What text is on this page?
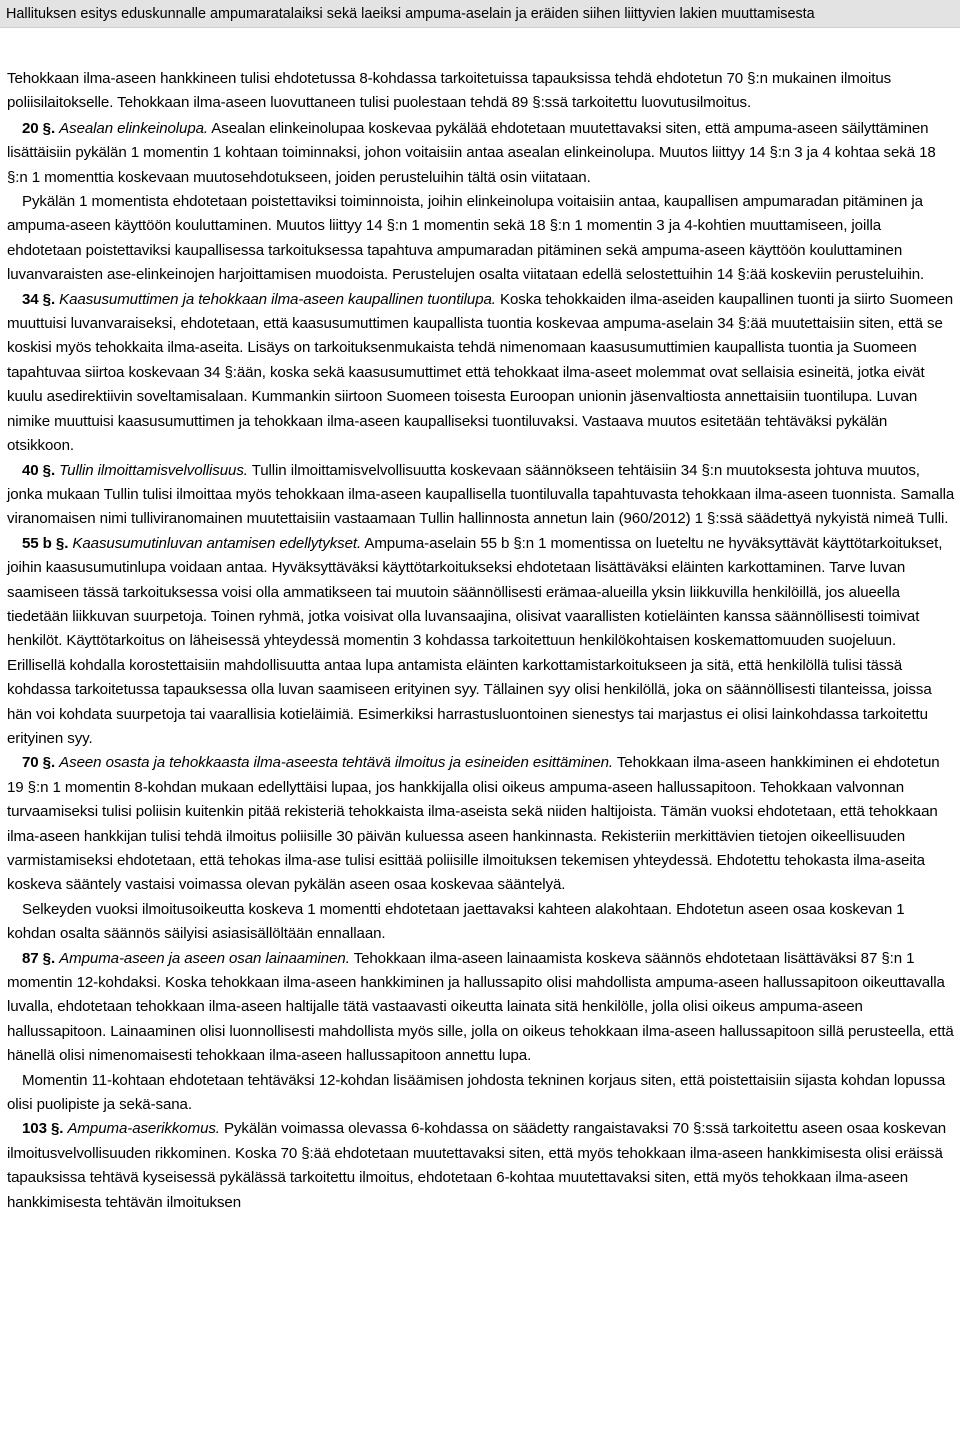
Hallituksen esitys eduskunnalle ampumaratalaiksi sekä laeiksi ampuma-aselain ja eräiden siihen liittyvien lakien muuttamisesta

Tehokkaan ilma-aseen hankkineen tulisi ehdotetussa 8-kohdassa tarkoitetuissa tapauksissa tehdä ehdotetun 70 §:n mukainen ilmoitus poliisilaitokselle. Tehokkaan ilma-aseen luovuttaneen tulisi puolestaan tehdä 89 §:ssä tarkoitettu luovutusilmoitus.

20 §. Asealan elinkeinolupa. Asealan elinkeinolupaa koskevaa pykälää ehdotetaan muutettavaksi siten, että ampuma-aseen säilyttäminen lisättäisiin pykälän 1 momentin 1 kohtaan toiminnaksi, johon voitaisiin antaa asealan elinkeinolupa. Muutos liittyy 14 §:n 3 ja 4 kohtaa sekä 18 §:n 1 momenttia koskevaan muutosehdotukseen, joiden perusteluihin tältä osin viitataan.

Pykälän 1 momentista ehdotetaan poistettaviksi toiminnoista, joihin elinkeinolupa voitaisiin antaa, kaupallisen ampumaradan pitäminen ja ampuma-aseen käyttöön kouluttaminen. Muutos liittyy 14 §:n 1 momentin sekä 18 §:n 1 momentin 3 ja 4-kohtien muuttamiseen, joilla ehdotetaan poistettaviksi kaupallisessa tarkoituksessa tapahtuva ampumaradan pitäminen sekä ampuma-aseen käyttöön kouluttaminen luvanvaraisten ase-elinkeinojen harjoittamisen muodoista. Perustelujen osalta viitataan edellä selostettuihin 14 §:ää koskeviin perusteluihin.

34 §. Kaasusumuttimen ja tehokkaan ilma-aseen kaupallinen tuontilupa. Koska tehokkaiden ilma-aseiden kaupallinen tuonti ja siirto Suomeen muuttuisi luvanvaraiseksi, ehdotetaan, että kaasusumuttimen kaupallista tuontia koskevaa ampuma-aselain 34 §:ää muutettaisiin siten, että se koskisi myös tehokkaita ilma-aseita. Lisäys on tarkoituksenmukaista tehdä nimenomaan kaasusumuttimien kaupallista tuontia ja Suomeen tapahtuvaa siirtoa koskevaan 34 §:ään, koska sekä kaasusumuttimet että tehokkaat ilma-aseet molemmat ovat sellaisia esineitä, jotka eivät kuulu asedirektiivin soveltamisalaan. Kummankin siirtoon Suomeen toisesta Euroopan unionin jäsenvaltiosta annettaisiin tuontilupa. Luvan nimike muuttuisi kaasusumuttimen ja tehokkaan ilma-aseen kaupalliseksi tuontiluvaksi. Vastaava muutos esitetään tehtäväksi pykälän otsikkoon.

40 §. Tullin ilmoittamisvelvollisuus. Tullin ilmoittamisvelvollisuutta koskevaan säännökseen tehtäisiin 34 §:n muutoksesta johtuva muutos, jonka mukaan Tullin tulisi ilmoittaa myös tehokkaan ilma-aseen kaupallisella tuontiluvalla tapahtuvasta tehokkaan ilma-aseen tuonnista. Samalla viranomaisen nimi tulliviranomainen muutettaisiin vastaamaan Tullin hallinnosta annetun lain (960/2012) 1 §:ssä säädettyä nykyistä nimeä Tulli.

55 b §. Kaasusumutinluvan antamisen edellytykset. Ampuma-aselain 55 b §:n 1 momentissa on lueteltu ne hyväksyttävät käyttötarkoitukset, joihin kaasusumutinlupa voidaan antaa. Hyväksyttäväksi käyttötarkoitukseksi ehdotetaan lisättäväksi eläinten karkottaminen. Tarve luvan saamiseen tässä tarkoituksessa voisi olla ammatikseen tai muutoin säännöllisesti erämaa-alueilla yksin liikkuvilla henkilöillä, jos alueella tiedetään liikkuvan suurpetoja. Toinen ryhmä, jotka voisivat olla luvansaajina, olisivat vaarallisten kotieläinten kanssa säännöllisesti toimivat henkilöt. Käyttötarkoitus on läheisessä yhteydessä momentin 3 kohdassa tarkoitettuun henkilökohtaisen koskemattomuuden suojeluun. Erillisellä kohdalla korostettaisiin mahdollisuutta antaa lupa antamista eläinten karkottamistarkoitukseen ja sitä, että henkilöllä tulisi tässä kohdassa tarkoitetussa tapauksessa olla luvan saamiseen erityinen syy. Tällainen syy olisi henkilöllä, joka on säännöllisesti tilanteissa, joissa hän voi kohdata suurpetoja tai vaarallisia kotieläimiä. Esimerkiksi harrastusluontoinen sienestys tai marjastus ei olisi lainkohdassa tarkoitettu erityinen syy.

70 §. Aseen osasta ja tehokkaasta ilma-aseesta tehtävä ilmoitus ja esineiden esittäminen. Tehokkaan ilma-aseen hankkiminen ei ehdotetun 19 §:n 1 momentin 8-kohdan mukaan edellyttäisi lupaa, jos hankkijalla olisi oikeus ampuma-aseen hallussapitoon. Tehokkaan valvonnan turvaamiseksi tulisi poliisin kuitenkin pitää rekisteriä tehokkaista ilma-aseista sekä niiden haltijoista. Tämän vuoksi ehdotetaan, että tehokkaan ilma-aseen hankkijan tulisi tehdä ilmoitus poliisille 30 päivän kuluessa aseen hankinnasta. Rekisteriin merkittävien tietojen oikeellisuuden varmistamiseksi ehdotetaan, että tehokas ilma-ase tulisi esittää poliisille ilmoituksen tekemisen yhteydessä. Ehdotettu tehokasta ilma-aseita koskeva sääntely vastaisi voimassa olevan pykälän aseen osaa koskevaa sääntelyä.

Selkeyden vuoksi ilmoitusoikeutta koskeva 1 momentti ehdotetaan jaettavaksi kahteen alakohtaan. Ehdotetun aseen osaa koskevan 1 kohdan osalta säännös säilyisi asiasisällöltään ennallaan.

87 §. Ampuma-aseen ja aseen osan lainaaminen. Tehokkaan ilma-aseen lainaamista koskeva säännös ehdotetaan lisättäväksi 87 §:n 1 momentin 12-kohdaksi. Koska tehokkaan ilma-aseen hankkiminen ja hallussapito olisi mahdollista ampuma-aseen hallussapitoon oikeuttavalla luvalla, ehdotetaan tehokkaan ilma-aseen haltijalle tätä vastaavasti oikeutta lainata sitä henkilölle, jolla olisi oikeus ampuma-aseen hallussapitoon. Lainaaminen olisi luonnollisesti mahdollista myös sille, jolla on oikeus tehokkaan ilma-aseen hallussapitoon sillä perusteella, että hänellä olisi nimenomaisesti tehokkaan ilma-aseen hallussapitoon annettu lupa.

Momentin 11-kohtaan ehdotetaan tehtäväksi 12-kohdan lisäämisen johdosta tekninen korjaus siten, että poistettaisiin sijasta kohdan lopussa olisi puolipiste ja sekä-sana.

103 §. Ampuma-aserikkomus. Pykälän voimassa olevassa 6-kohdassa on säädetty rangaistavaksi 70 §:ssä tarkoitettu aseen osaa koskevan ilmoitusvelvollisuuden rikkominen. Koska 70 §:ää ehdotetaan muutettavaksi siten, että myös tehokkaan ilma-aseen hankkimisesta olisi eräissä tapauksissa tehtävä kyseisessä pykälässä tarkoitettu ilmoitus, ehdotetaan 6-kohtaa muutettavaksi siten, että myös tehokkaan ilma-aseen hankkimisesta tehtävän ilmoituksen
